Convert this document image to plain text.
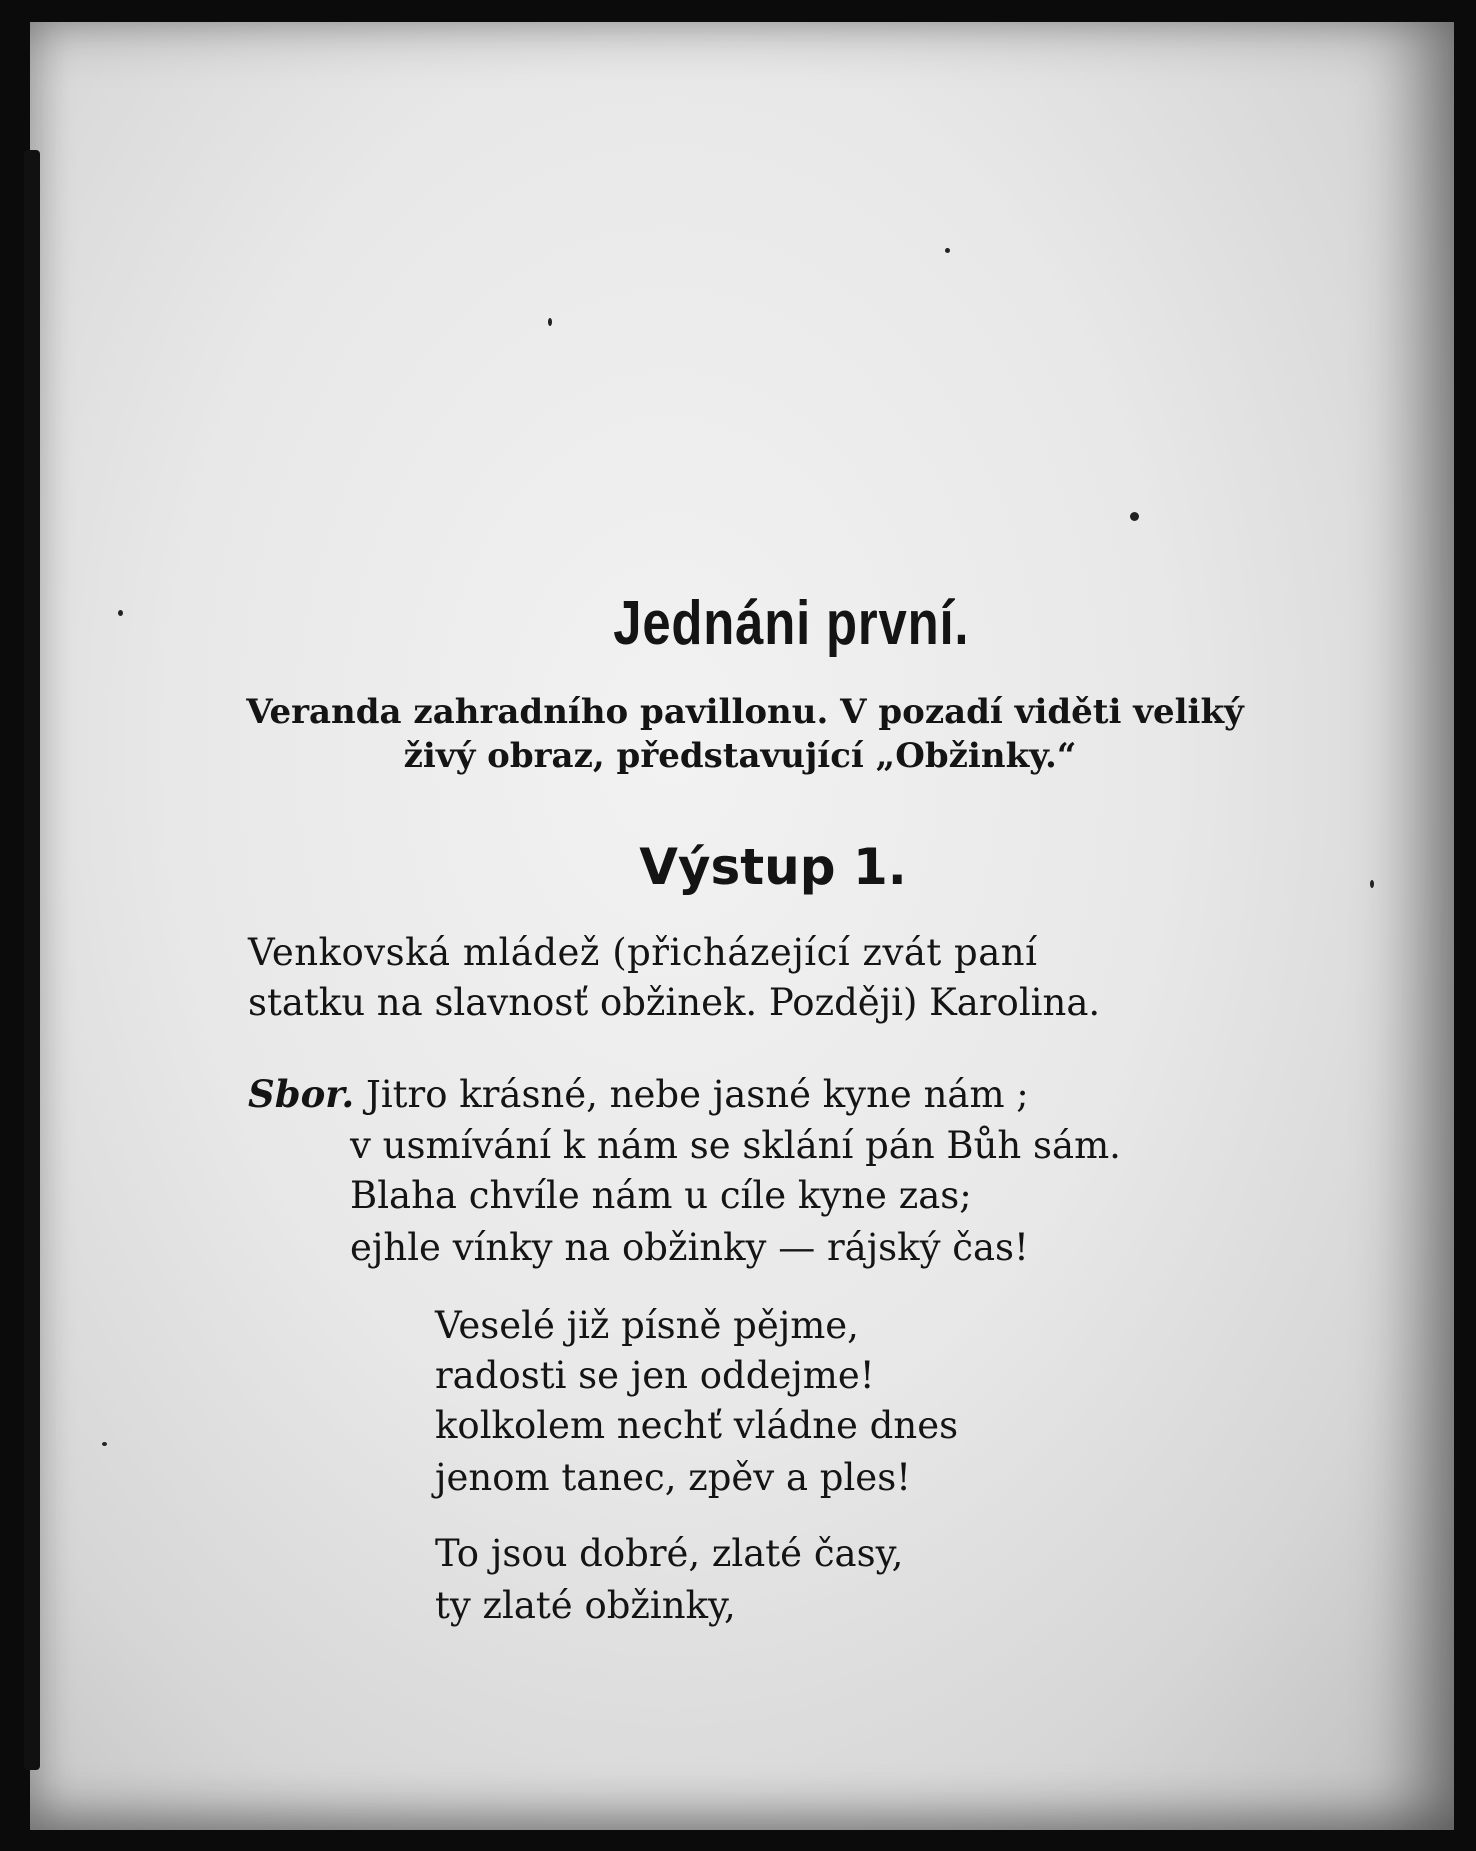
Jednáni první.
Veranda zahradního pavillonu. V pozadí viděti veliký
živý obraz, představující „Obžinky.“
Výstup 1.
Venkovská mládež (přicházející zvát paní
statku na slavnosť obžinek. Později) Karolina.
Sbor. Jitro krásné, nebe jasné kyne nám ;
v usmívání k nám se sklání pán Bůh sám.
Blaha chvíle nám u cíle kyne zas;
ejhle vínky na obžinky — rájský čas!
Veselé již písně pějme,
radosti se jen oddejme!
kolkolem nechť vládne dnes
jenom tanec, zpěv a ples!
To jsou dobré, zlaté časy,
ty zlaté obžinky,
